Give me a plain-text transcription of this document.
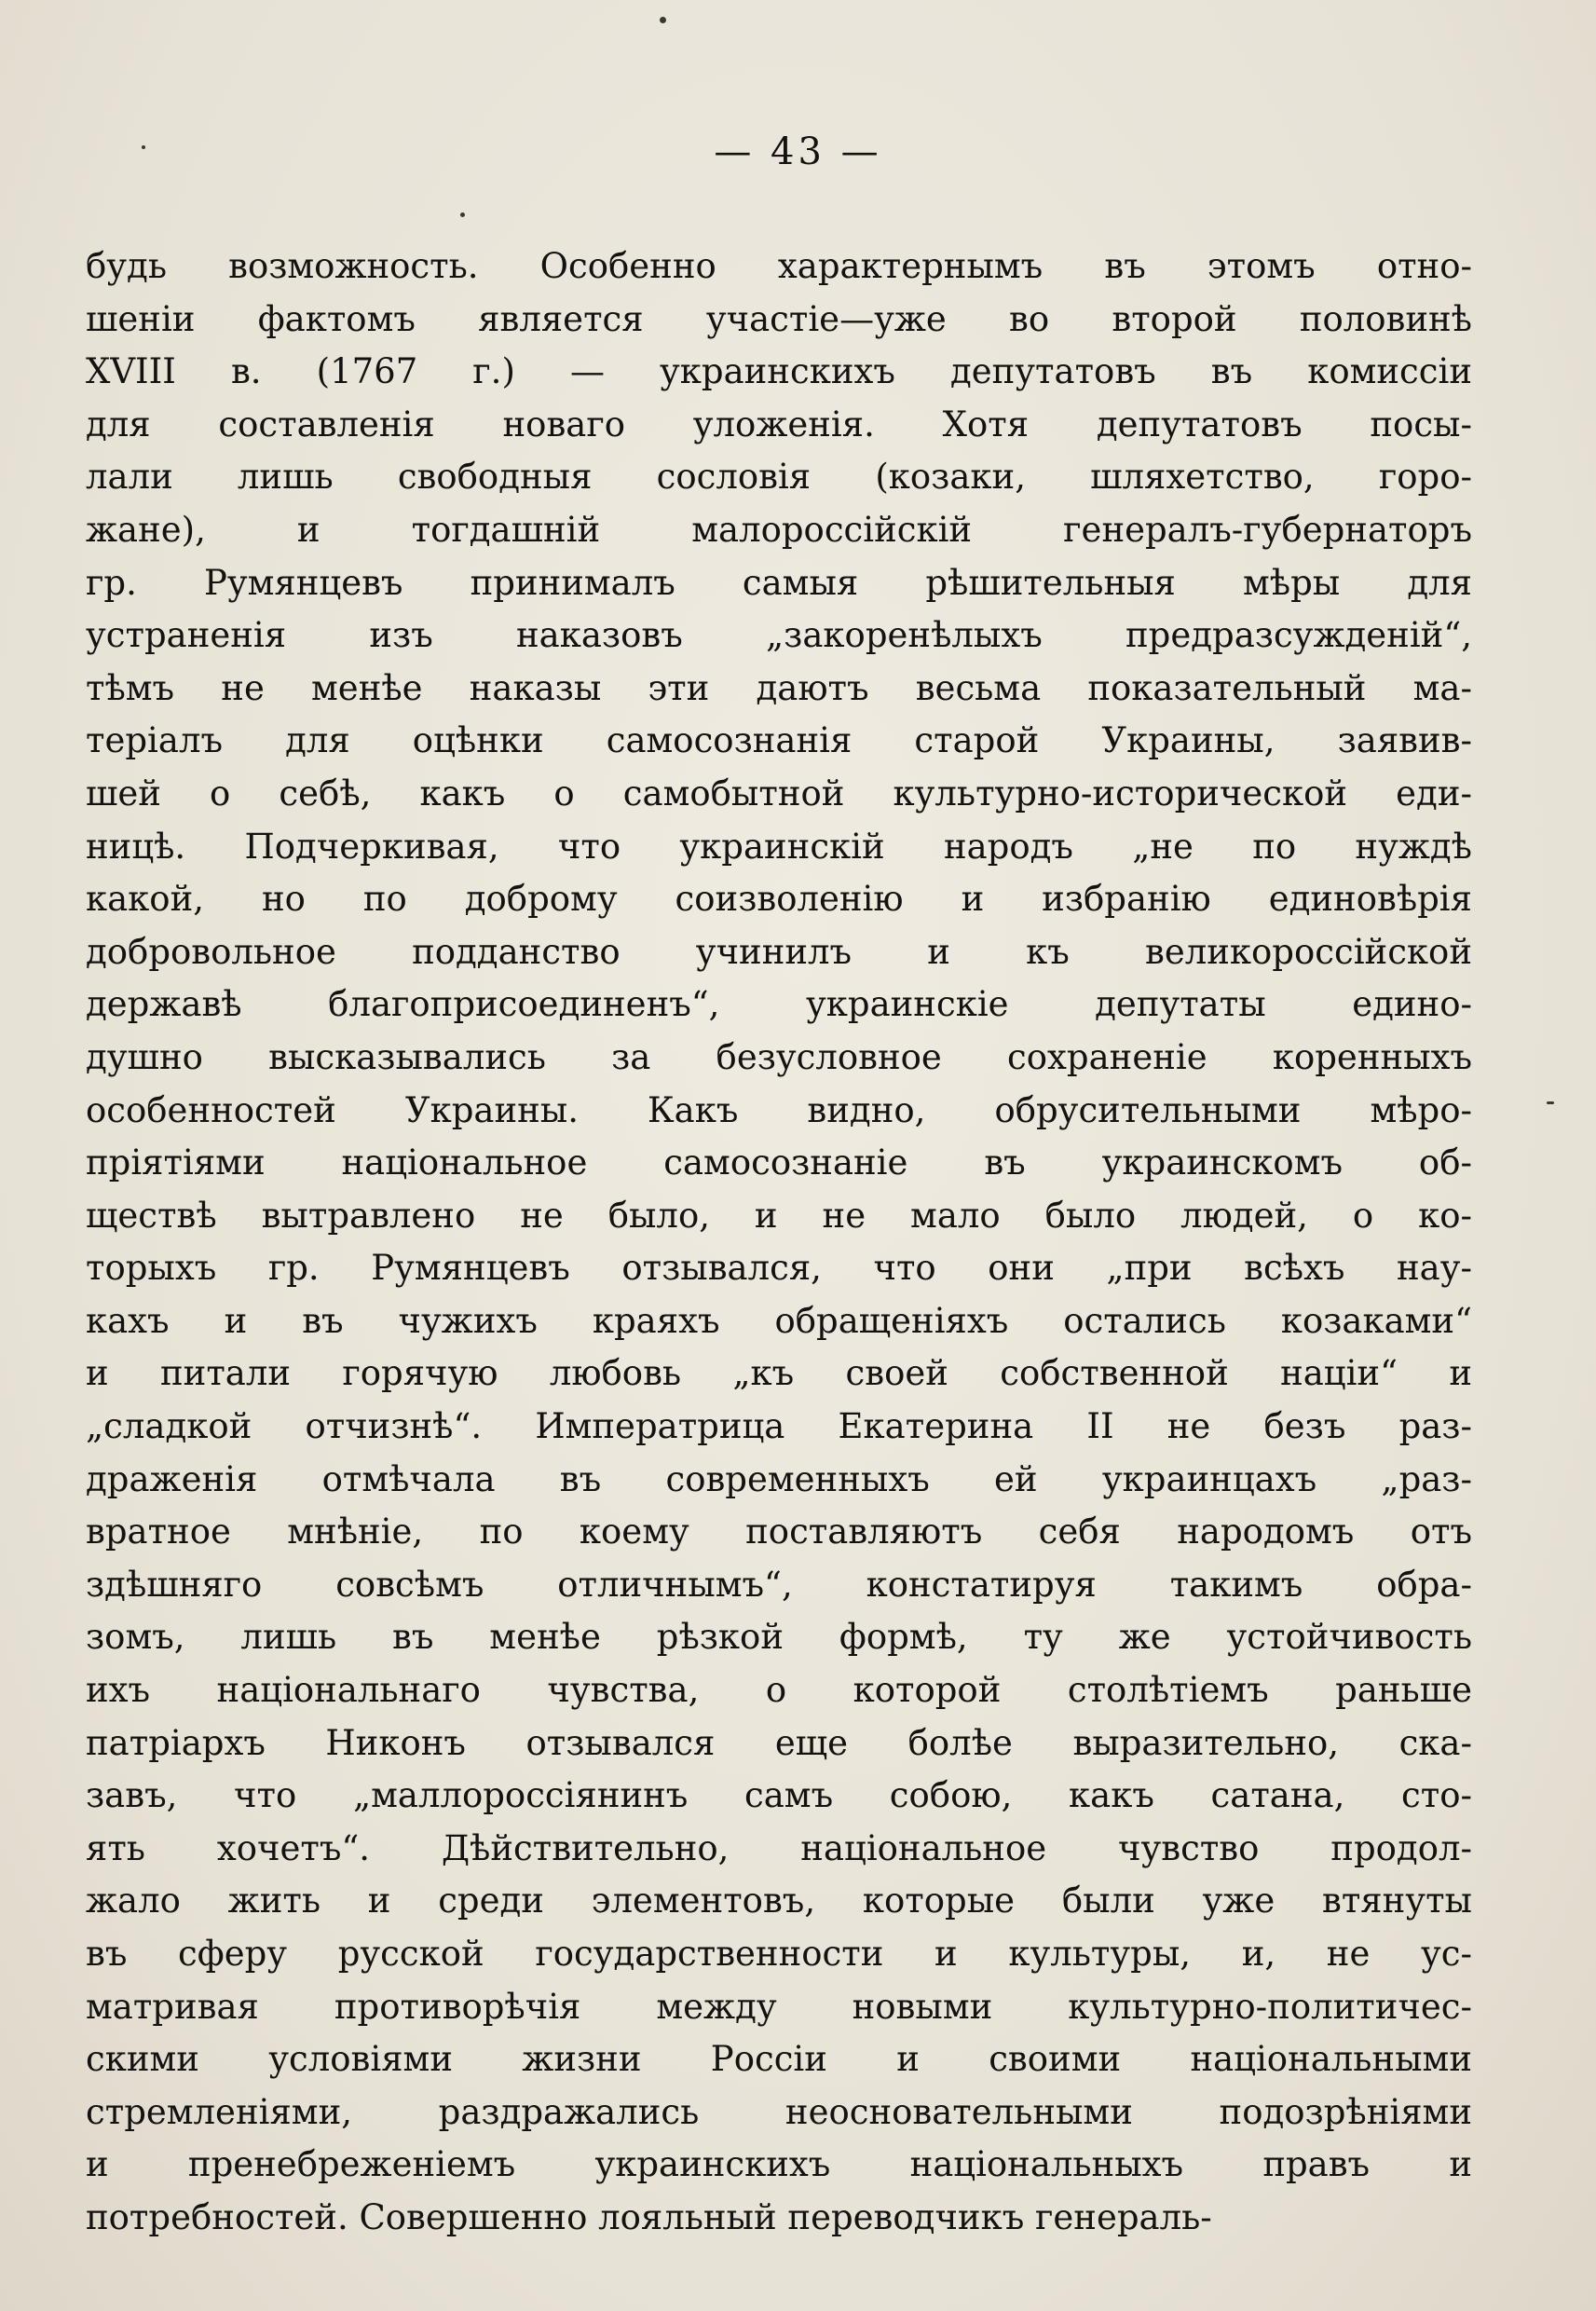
— 43 —
будь возможность. Особенно характернымъ въ этомъ отно-
шеніи фактомъ является участіе—уже во второй половинѣ
XVIII в. (1767 г.) — украинскихъ депутатовъ въ комиссіи
для составленія новаго уложенія. Хотя депутатовъ посы-
лали лишь свободныя сословія (козаки, шляхетство, горо-
жане), и тогдашній малороссійскій генералъ-губернаторъ
гр. Румянцевъ принималъ самыя рѣшительныя мѣры для
устраненія изъ наказовъ „закоренѣлыхъ предразсужденій“,
тѣмъ не менѣе наказы эти даютъ весьма показательный ма-
теріалъ для оцѣнки самосознанія старой Украины, заявив-
шей о себѣ, какъ о самобытной культурно-исторической еди-
ницѣ. Подчеркивая, что украинскій народъ „не по нуждѣ
какой, но по доброму соизволенію и избранію единовѣрія
добровольное подданство учинилъ и къ великороссійской
державѣ благоприсоединенъ“, украинскіе депутаты едино-
душно высказывались за безусловное сохраненіе коренныхъ
особенностей Украины. Какъ видно, обрусительными мѣро-
пріятіями національное самосознаніе въ украинскомъ об-
ществѣ вытравлено не было, и не мало было людей, о ко-
торыхъ гр. Румянцевъ отзывался, что они „при всѣхъ нау-
кахъ и въ чужихъ краяхъ обращеніяхъ остались козаками“
и питали горячую любовь „къ своей собственной націи“ и
„сладкой отчизнѣ“. Императрица Екатерина II не безъ раз-
драженія отмѣчала въ современныхъ ей украинцахъ „раз-
вратное мнѣніе, по коему поставляютъ себя народомъ отъ
здѣшняго совсѣмъ отличнымъ“, констатируя такимъ обра-
зомъ, лишь въ менѣе рѣзкой формѣ, ту же устойчивость
ихъ національнаго чувства, о которой столѣтіемъ раньше
патріархъ Никонъ отзывался еще болѣе выразительно, ска-
завъ, что „маллороссіянинъ самъ собою, какъ сатана, сто-
ять хочетъ“. Дѣйствительно, національное чувство продол-
жало жить и среди элементовъ, которые были уже втянуты
въ сферу русской государственности и культуры, и, не ус-
матривая противорѣчія между новыми культурно-политичес-
скими условіями жизни Россіи и своими національными
стремленіями, раздражались неосновательными подозрѣніями
и пренебреженіемъ украинскихъ національныхъ правъ и
потребностей. Совершенно лояльный переводчикъ генераль-
